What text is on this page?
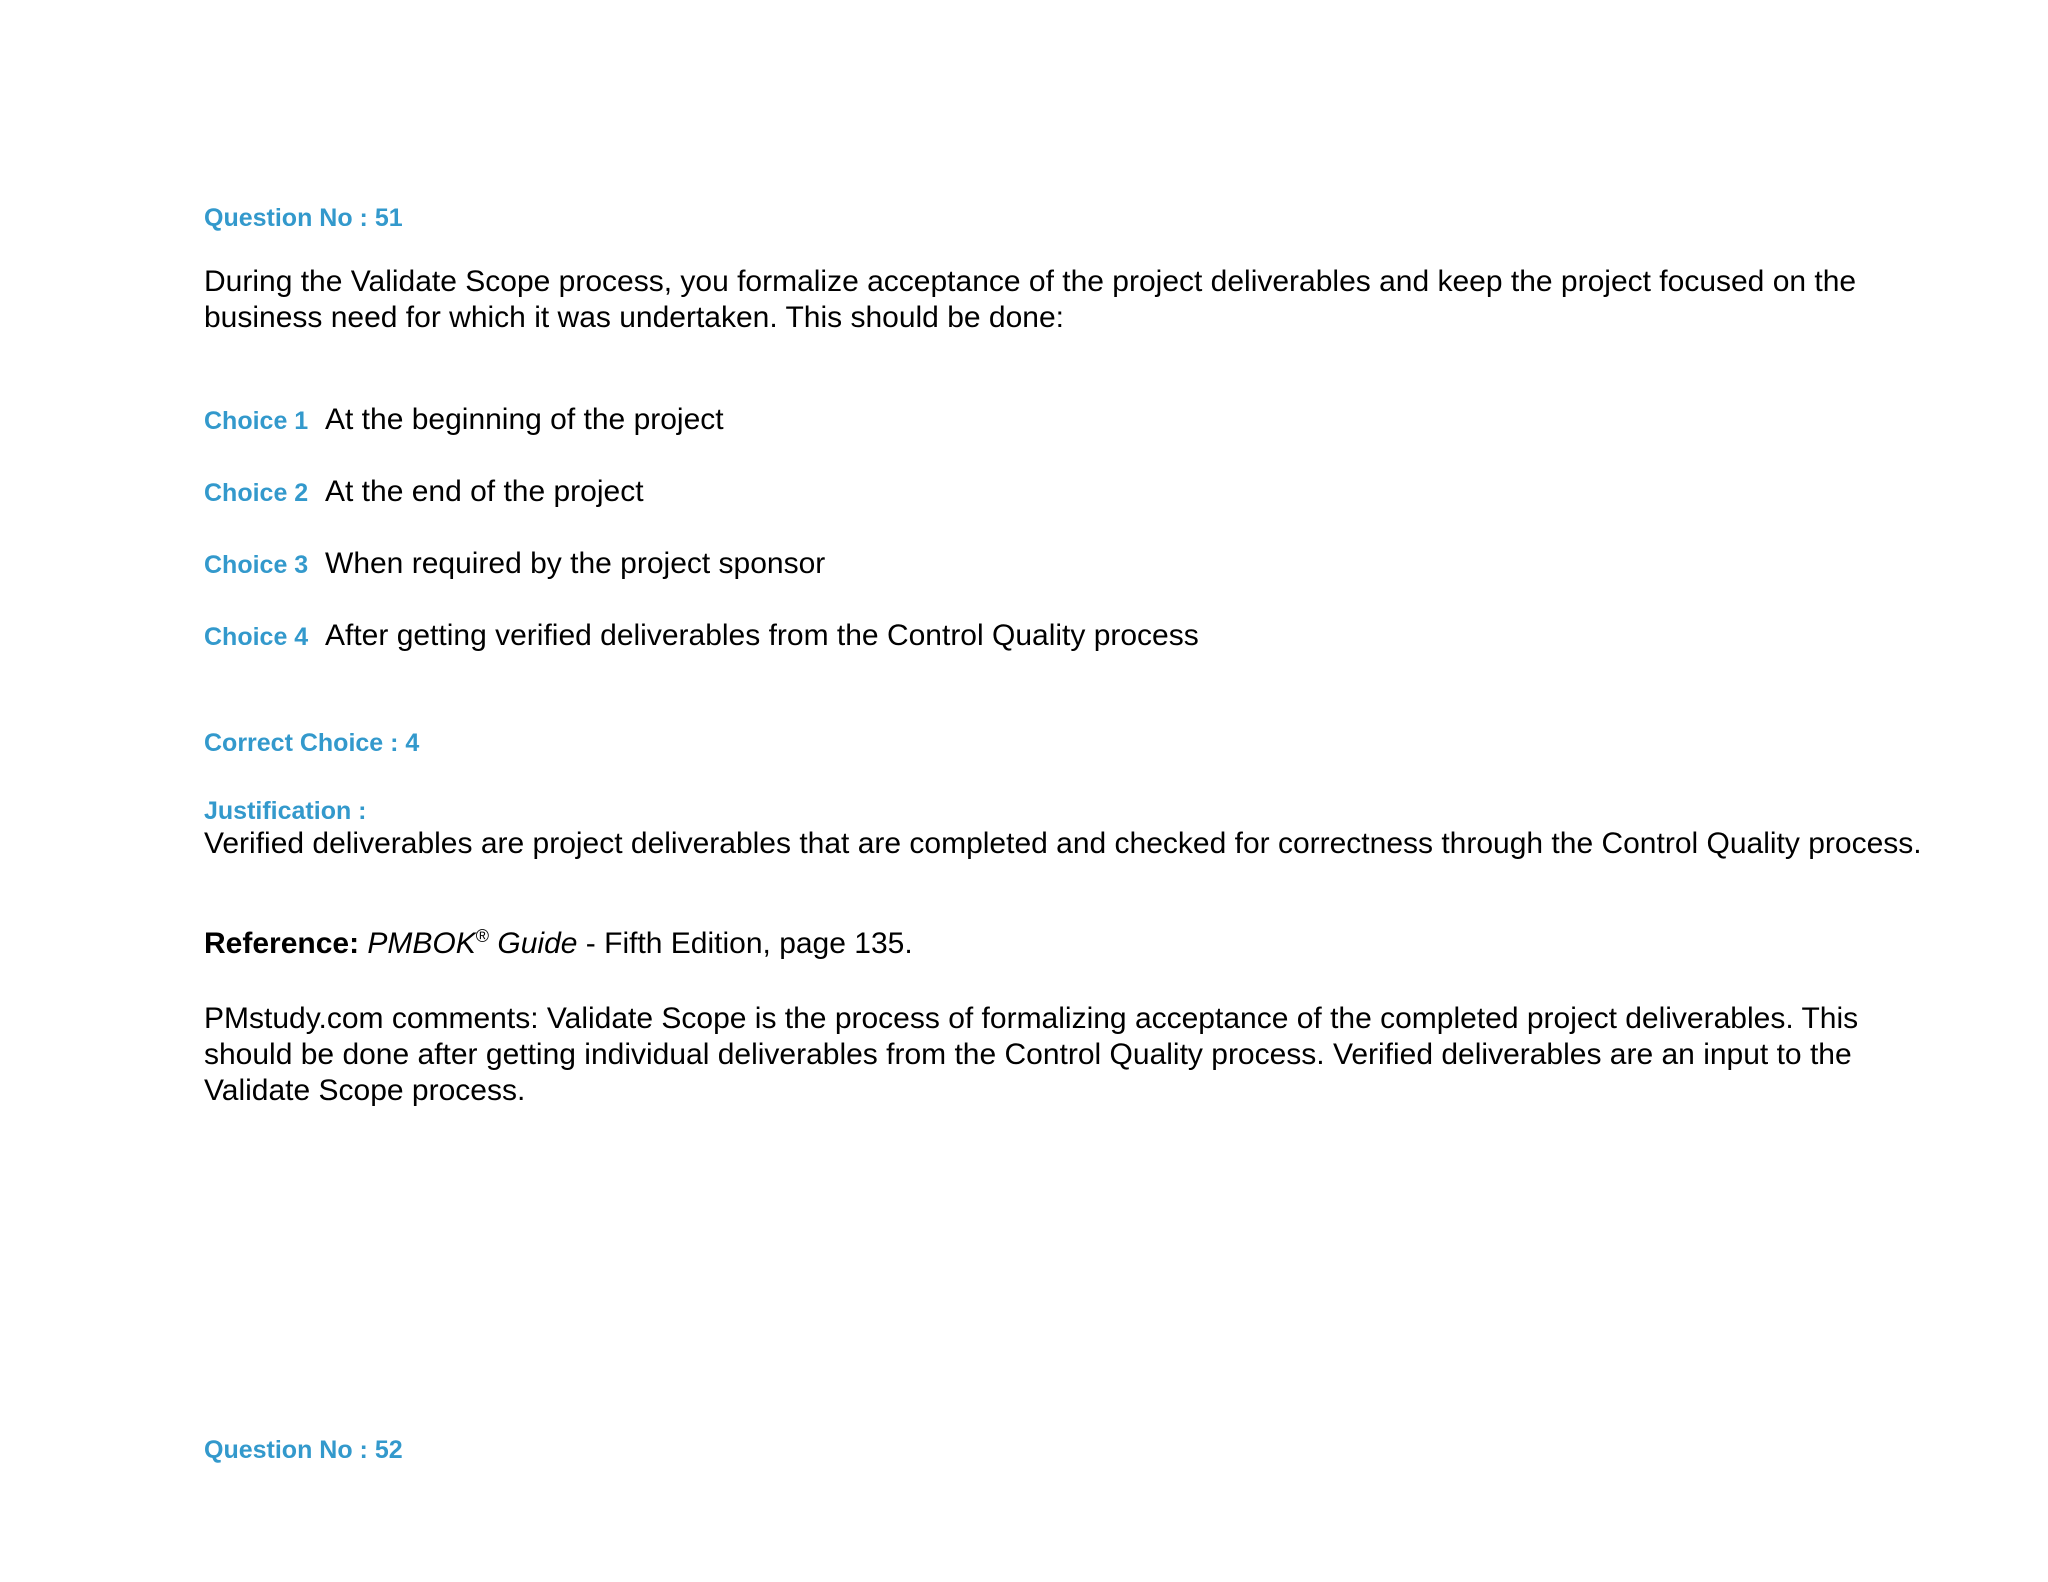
Question No : 51
During the Validate Scope process, you formalize acceptance of the project deliverables and keep the project focused on the business need for which it was undertaken. This should be done:
Choice 1 At the beginning of the project
Choice 2 At the end of the project
Choice 3 When required by the project sponsor
Choice 4 After getting verified deliverables from the Control Quality process
Correct Choice : 4
Justification :
Verified deliverables are project deliverables that are completed and checked for correctness through the Control Quality process.
Reference: PMBOK® Guide - Fifth Edition, page 135.
PMstudy.com comments: Validate Scope is the process of formalizing acceptance of the completed project deliverables. This should be done after getting individual deliverables from the Control Quality process. Verified deliverables are an input to the Validate Scope process.
Question No : 52
